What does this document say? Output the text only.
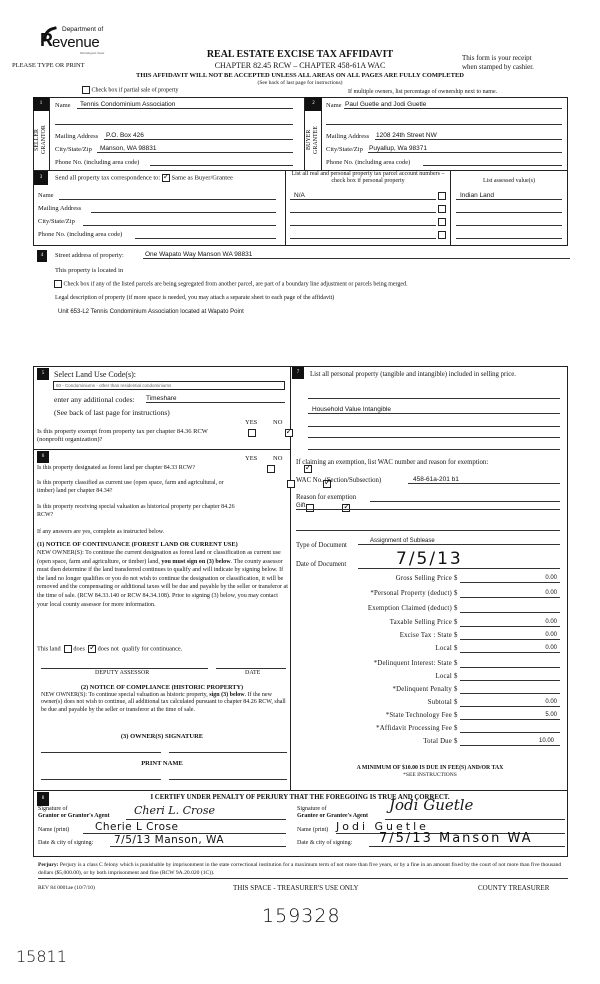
Department of
R evenue
Washington State
PLEASE TYPE OR PRINT
REAL ESTATE EXCISE TAX AFFIDAVIT
CHAPTER 82.45 RCW – CHAPTER 458-61A WAC
This form is your receipt
when stamped by cashier.
THIS AFFIDAVIT WILL NOT BE ACCEPTED UNLESS ALL AREAS ON ALL PAGES ARE FULLY COMPLETED
(See back of last page for instructions)
Check box if partial sale of property	If multiple owners, list percentage of ownership next to name.
1
SELLER
GRANTOR
Name	Tennis Condominium Association
Mailing Address	P.O. Box 426
City/State/Zip	Manson, WA 98831
Phone No. (including area code)
2
BUYER
GRANTEE
Name Paul Guetle and Jodi Guetle
Mailing Address 1208 24th Street NW
City/State/Zip Puyallup, Wa 98371
Phone No. (including area code)
3	Send all property tax correspondence to: ✓ Same as Buyer/Grantee
Name
Mailing Address
City/State/Zip
Phone No. (including area code)
List all real and personal property tax parcel account numbers – check box if personal property	List assessed value(s)
N/A	Indian Land
4	Street address of property:	One Wapato Way Manson WA 98831
This property is located in
Check box if any of the listed parcels are being segregated from another parcel, are part of a boundary line adjustment or parcels being merged.
Legal description of property (if more space is needed, you may attach a separate sheet to each page of the affidavit)
Unit 653-L2 Tennis Condominium Association located at Wapato Point
5	Select Land Use Code(s):
50 - Condominiums - other than residential condominiums
enter any additional codes: Timeshare
(See back of last page for instructions)
YES NO
Is this property exempt from property tax per chapter 84.36 RCW (nonprofit organization)?
✓
6	YES NO
Is this property designated as forest land per chapter 84.33 RCW?
✓
Is this property classified as current use (open space, farm and agricultural, or timber) land per chapter 84.34?
✓
Is this property receiving special valuation as historical property per chapter 84.26 RCW?
✓
If any answers are yes, complete as instructed below.
(1) NOTICE OF CONTINUANCE (FOREST LAND OR CURRENT USE)
NEW OWNER(S): To continue the current designation as forest land or classification as current use (open space, farm and agriculture, or timber) land, you must sign on (3) below. The county assessor must then determine if the land transferred continues to qualify and will indicate by signing below. If the land no longer qualifies or you do not wish to continue the designation or classification, it will be removed and the compensating or additional taxes will be due and payable by the seller or transferor at the time of sale. (RCW 84.33.140 or RCW 84.34.108). Prior to signing (3) below, you may contact your local county assessor for more information.
This land does ✓ does not qualify for continuance.
DEPUTY ASSESSOR	DATE
(2) NOTICE OF COMPLIANCE (HISTORIC PROPERTY)
NEW OWNER(S): To continue special valuation as historic property, sign (3) below. If the new owner(s) does not wish to continue, all additional tax calculated pursuant to chapter 84.26 RCW, shall be due and payable by the seller or transferor at the time of sale.
(3) OWNER(S) SIGNATURE
PRINT NAME
7	List all personal property (tangible and intangible) included in selling price.
Household Value Intangible
If claiming an exemption, list WAC number and reason for exemption:
WAC No. (Section/Subsection)	458-61a-201 b1
Reason for exemption
Gift
Type of Document
Assignment of Sublease
Date of Document	7/5/13
Gross Selling Price $	0.00
*Personal Property (deduct) $	0.00
Exemption Claimed (deduct) $
Taxable Selling Price $	0.00
Excise Tax : State $	0.00
Local $	0.00
*Delinquent Interest: State $
Local $
*Delinquent Penalty $
Subtotal $	0.00
*State Technology Fee $	5.00
*Affidavit Processing Fee $
Total Due $	10.00
A MINIMUM OF $10.00 IS DUE IN FEE(S) AND/OR TAX
*SEE INSTRUCTIONS
8	I CERTIFY UNDER PENALTY OF PERJURY THAT THE FOREGOING IS TRUE AND CORRECT.
Signature of
Grantor or Grantor's Agent Cheri L. Crose
Name (print) Cherie L Crose
Date & city of signing: 7/5/13 Manson, WA
Signature of
Grantee or Grantee's Agent
Jodi Guetle
Name (print) Jodi Guetle
Date & city of signing: 7/5/13 Manson WA
Perjury: Perjury is a class C felony which is punishable by imprisonment in the state correctional institution for a maximum term of not more than five years, or by a fine in an amount fixed by the court of not more than five thousand dollars ($5,000.00), or by both imprisonment and fine (RCW 9A.20.020 (1C)).
REV 84 0001ae (10/7/10)	THIS SPACE - TREASURER'S USE ONLY	COUNTY TREASURER
159328
15811
